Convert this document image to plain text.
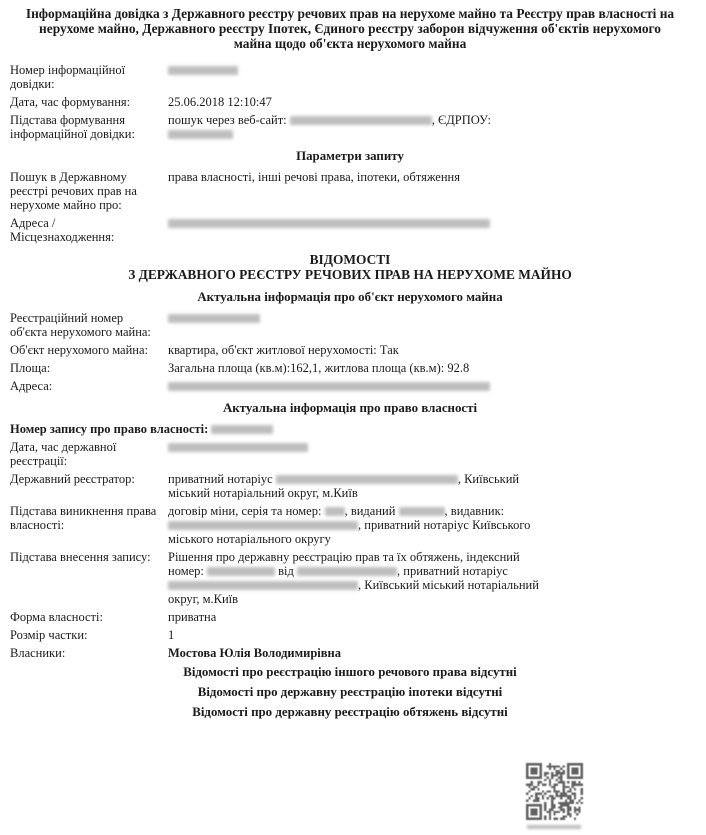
Інформаційна довідка з Державного реєстру речових прав на нерухоме майно та Реєстру прав власності на нерухоме майно, Державного реєстру Іпотек, Єдиного реєстру заборон відчуження об'єктів нерухомого майна щодо об'єкта нерухомого майна
Номер інформаційної довідки:
Дата, час формування:	25.06.2018 12:10:47
Підстава формування інформаційної довідки:
пошук через веб-сайт:	, ЄДРПОУ:

Параметри запиту
Пошук в Державному реєстрі речових прав на нерухоме майно про:
права власності, інші речові права, іпотеки, обтяження
Адреса / Місцезнаходження:
ВІДОМОСТІ
З ДЕРЖАВНОГО РЕЄСТРУ РЕЧОВИХ ПРАВ НА НЕРУХОМЕ МАЙНО
Актуальна інформація про об'єкт нерухомого майна
Реєстраційний номер об'єкта нерухомого майна:
Об'єкт нерухомого майна:	квартира, об'єкт житлової нерухомості: Так
Площа:	Загальна площа (кв.м):162,1, житлова площа (кв.м): 92.8
Адреса:
Актуальна інформація про право власності
Номер запису про право власності:
Дата, час державної реєстрації:
Державний реєстратор:	приватний нотаріус	, Київський
міський нотаріальний округ, м.Київ
Підстава виникнення права власності:
договір міни, серія та номер: , виданий	, видавник:
, приватний нотаріус Київського
міського нотаріального округу
Підстава внесення запису:	Рішення про державну реєстрацію прав та їх обтяжень, індексний
номер:	від	, приватний нотаріус
, Київський міський нотаріальний
округ, м.Київ
Форма власності:	приватна
Розмір частки:	1
Власники:	Мостова Юлія Володимирівна
Відомості про реєстрацію іншого речового права відсутні
Відомості про державну реєстрацію іпотеки відсутні
Відомості про державну реєстрацію обтяжень відсутні
